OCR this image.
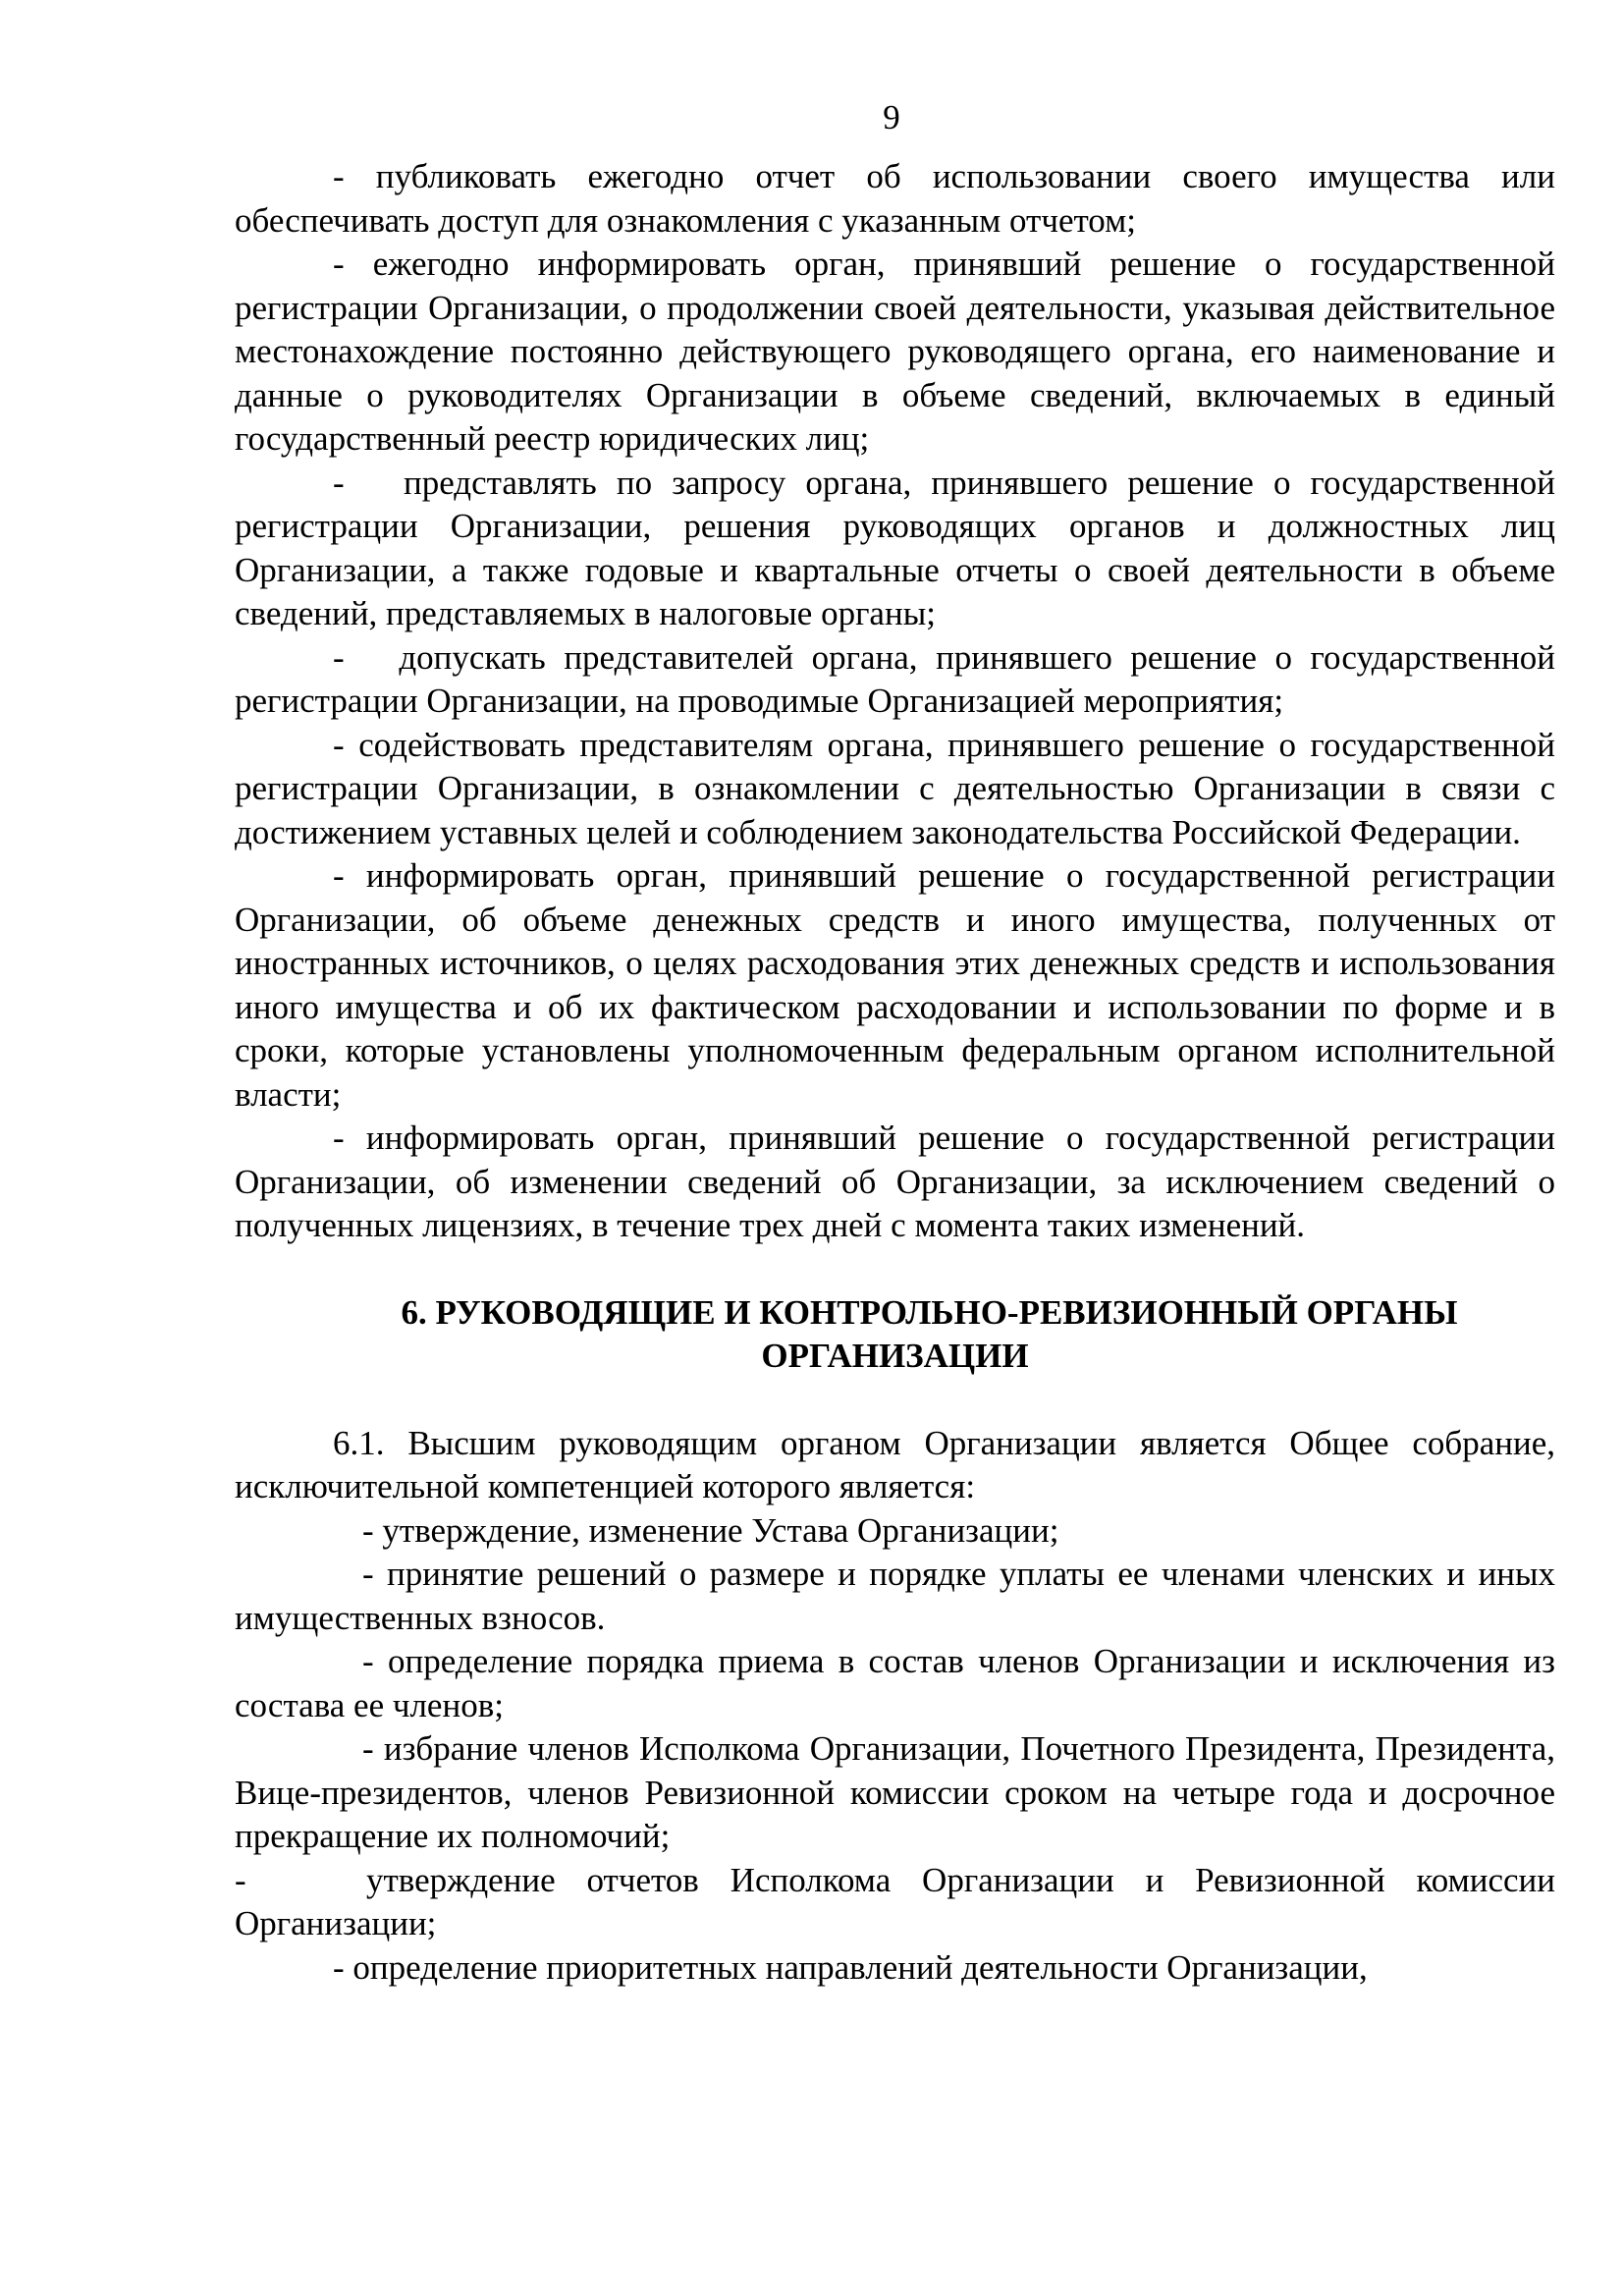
9

- публиковать ежегодно отчет об использовании своего имущества или обеспечивать доступ для ознакомления с указанным отчетом;

- ежегодно информировать орган, принявший решение о государственной регистрации Организации, о продолжении своей деятельности, указывая действительное местонахождение постоянно действующего руководящего органа, его наименование и данные о руководителях Организации в объеме сведений, включаемых в единый государственный реестр юридических лиц;

-   представлять по запросу органа, принявшего решение о государственной регистрации Организации, решения руководящих органов и должностных лиц Организации, а также годовые и квартальные отчеты о своей деятельности в объеме сведений, представляемых в налоговые органы;

-   допускать представителей органа, принявшего решение о государственной регистрации Организации, на проводимые Организацией мероприятия;

- содействовать представителям органа, принявшего решение о государственной регистрации Организации, в ознакомлении с деятельностью Организации в связи с достижением уставных целей и соблюдением законодательства Российской Федерации.

- информировать орган, принявший решение о государственной регистрации Организации, об объеме денежных средств и иного имущества, полученных от иностранных источников, о целях расходования этих денежных средств и использования иного имущества и об их фактическом расходовании и использовании по форме и в сроки, которые установлены уполномоченным федеральным органом исполнительной власти;

- информировать орган, принявший решение о государственной регистрации Организации, об изменении сведений об Организации, за исключением сведений о полученных лицензиях, в течение трех дней с момента таких изменений.

6. РУКОВОДЯЩИЕ И КОНТРОЛЬНО-РЕВИЗИОННЫЙ ОРГАНЫ
ОРГАНИЗАЦИИ

6.1. Высшим руководящим органом Организации является Общее собрание, исключительной компетенцией которого является:

- утверждение, изменение Устава Организации;

- принятие решений о размере и порядке уплаты ее членами членских и иных имущественных взносов.

- определение порядка приема в состав членов Организации и исключения из состава ее членов;

- избрание членов Исполкома Организации, Почетного Президента, Президента, Вице-президентов, членов Ревизионной комиссии сроком на четыре года и досрочное прекращение их полномочий;

-	утверждение отчетов Исполкома Организации и Ревизионной комиссии Организации;

- определение приоритетных направлений деятельности Организации,
